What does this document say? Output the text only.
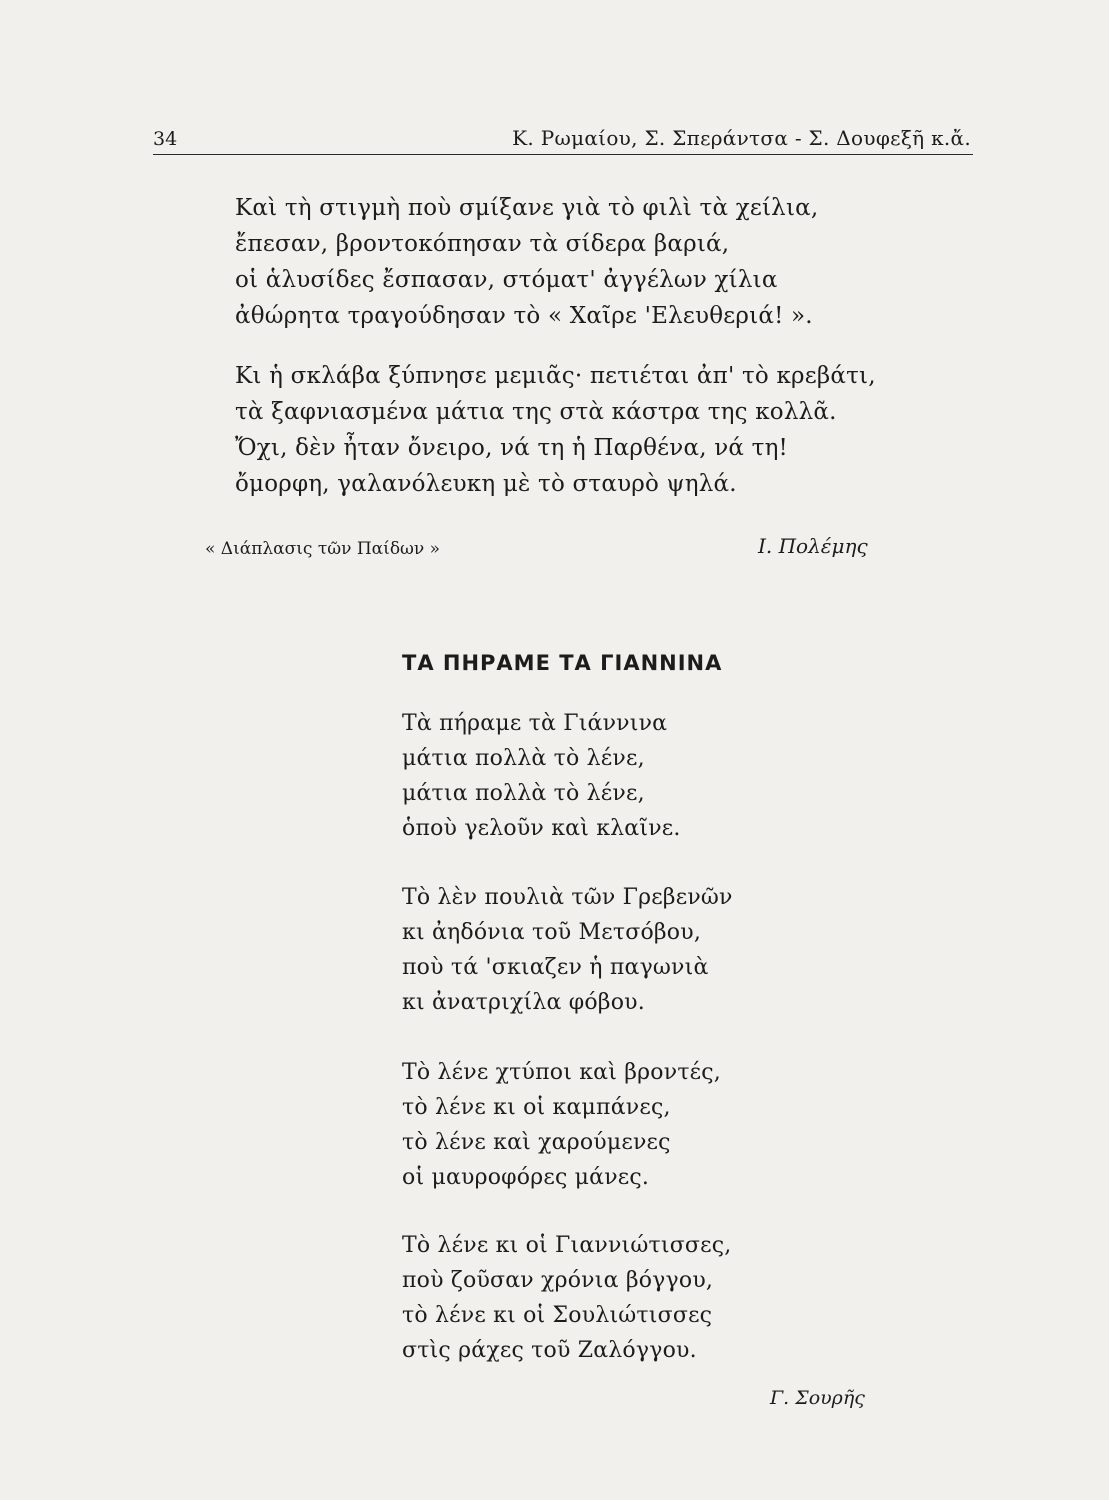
34	Κ. Ρωμαίου, Σ. Σπεράντσα - Σ. Δουφεξῆ κ.ἄ.
Καὶ τὴ στιγμὴ ποὺ σμίξανε γιὰ τὸ φιλὶ τὰ χείλια,
ἔπεσαν, βροντοκόπησαν τὰ σίδερα βαριά,
οἱ ἁλυσίδες ἔσπασαν, στόματ' ἀγγέλων χίλια
ἀθώρητα τραγούδησαν τὸ « Χαῖρε 'Ελευθεριά! ».
Κι ἡ σκλάβα ξύπνησε μεμιᾶς· πετιέται ἀπ' τὸ κρεβάτι,
τὰ ξαφνιασμένα μάτια της στὰ κάστρα της κολλᾶ.
Ὄχι, δὲν ἦταν ὄνειρο, νά τη ἡ Παρθένα, νά τη!
ὄμορφη, γαλανόλευκη μὲ τὸ σταυρὸ ψηλά.
« Διάπλασις τῶν Παίδων »	Ι. Πολέμης
ΤΑ ΠΗΡΑΜΕ ΤΑ ΓΙΑΝΝΙΝΑ
Τὰ πήραμε τὰ Γιάννινα
μάτια πολλὰ τὸ λένε,
μάτια πολλὰ τὸ λένε,
ὁποὺ γελοῦν καὶ κλαῖνε.
Τὸ λὲν πουλιὰ τῶν Γρεβενῶν
κι ἀηδόνια τοῦ Μετσόβου,
ποὺ τά 'σκιαζεν ἡ παγωνιὰ
κι ἀνατριχίλα φόβου.
Τὸ λένε χτύποι καὶ βροντές,
τὸ λένε κι οἱ καμπάνες,
τὸ λένε καὶ χαρούμενες
οἱ μαυροφόρες μάνες.
Τὸ λένε κι οἱ Γιαννιώτισσες,
ποὺ ζοῦσαν χρόνια βόγγου,
τὸ λένε κι οἱ Σουλιώτισσες
στὶς ράχες τοῦ Ζαλόγγου.
Γ. Σουρῆς
